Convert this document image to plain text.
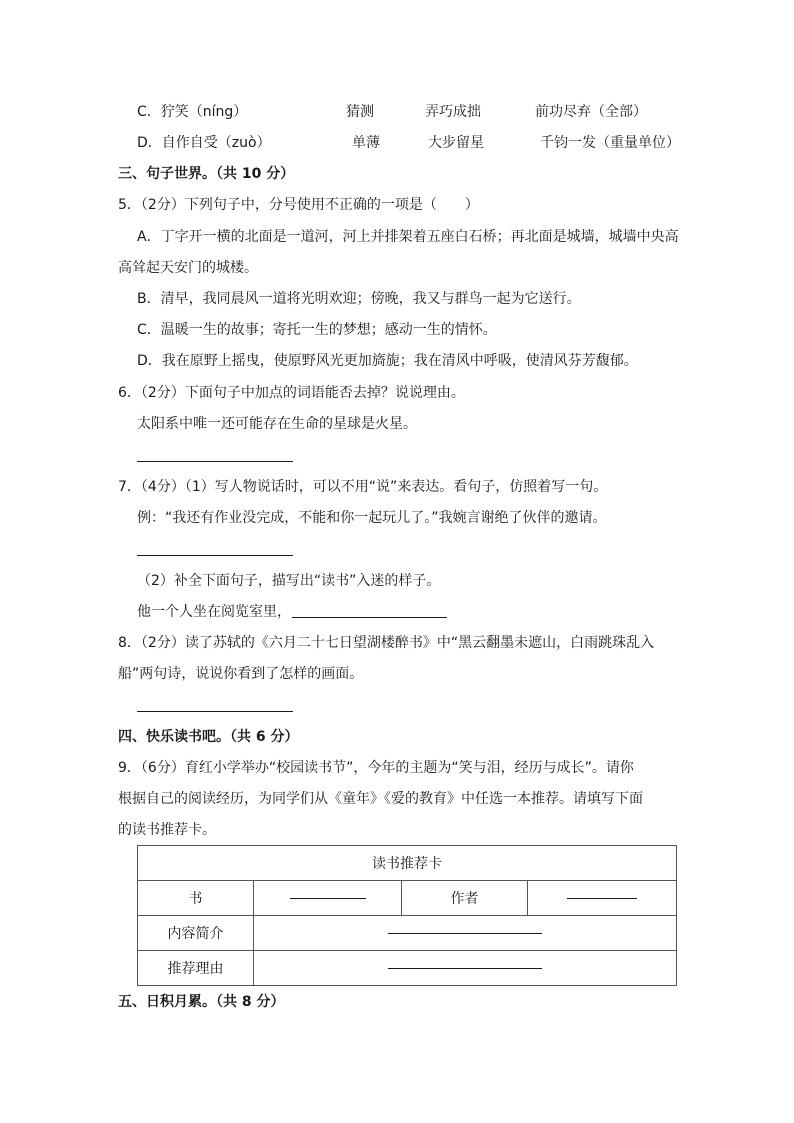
C．狞笑（níng）	猜测	弄巧成拙	前功尽弃（全部）
D．自作自受（zuò）	单薄	大步留星	千钧一发（重量单位）
三、句子世界。（共 10 分）
5．（2分）下列句子中，分号使用不正确的一项是（　　）
A．丁字开一横的北面是一道河，河上并排架着五座白石桥；再北面是城墙，城墙中央高
高耸起天安门的城楼。
B．清早，我同晨风一道将光明欢迎；傍晚，我又与群鸟一起为它送行。
C．温暖一生的故事；寄托一生的梦想；感动一生的情怀。
D．我在原野上摇曳，使原野风光更加旖旎；我在清风中呼吸，使清风芬芳馥郁。
6．（2分）下面句子中加点的词语能否去掉？说说理由。
太阳系中唯一还可能存在生命的星球是火星。
7．（4分）（1）写人物说话时，可以不用“说”来表达。看句子，仿照着写一句。
例：“我还有作业没完成，不能和你一起玩儿了。”我婉言谢绝了伙伴的邀请。
（2）补全下面句子，描写出“读书”入迷的样子。
他一个人坐在阅览室里，
8．（2分）读了苏轼的《六月二十七日望湖楼醉书》中“黑云翻墨未遮山，白雨跳珠乱入
船”两句诗，说说你看到了怎样的画面。
四、快乐读书吧。（共 6 分）
9．（6分）育红小学举办“校园读书节”，今年的主题为“笑与泪，经历与成长”。请你
根据自己的阅读经历，为同学们从《童年》《爱的教育》中任选一本推荐。请填写下面
的读书推荐卡。
读书推荐卡			
书		作者	
内容简介			
推荐理由			
五、日积月累。（共 8 分）
